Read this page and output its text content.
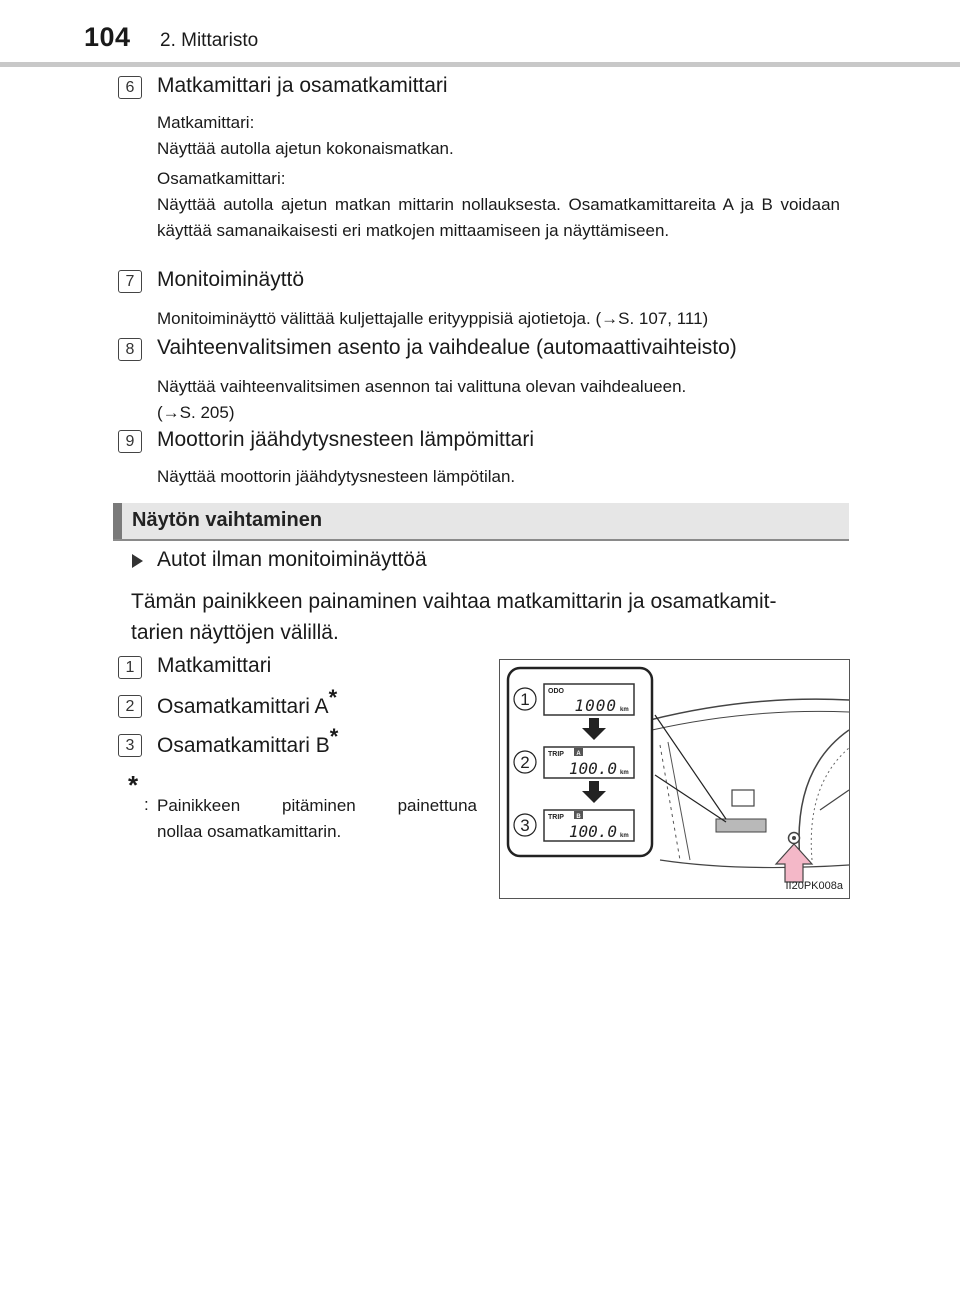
104 2. Mittaristo
6	Matkamittari ja osamatkamittari
Matkamittari:
Näyttää autolla ajetun kokonaismatkan.
Osamatkamittari:
Näyttää autolla ajetun matkan mittarin nollauksesta. Osamatkamittareita A ja B voidaan käyttää samanaikaisesti eri matkojen mittaamiseen ja näyttämiseen.
7	Monitoiminäyttö
Monitoiminäyttö välittää kuljettajalle erityyppisiä ajotietoja. (→S. 107, 111)
8	Vaihteenvalitsimen asento ja vaihdealue (automaattivaihteisto)
Näyttää vaihteenvalitsimen asennon tai valittuna olevan vaihdealueen.
(→S. 205)
9	Moottorin jäähdytysnesteen lämpömittari
Näyttää moottorin jäähdytysnesteen lämpötilan.
Näytön vaihtaminen
Autot ilman monitoiminäyttöä
Tämän painikkeen painaminen vaihtaa matkamittarin ja osamatkamit-
tarien näyttöjen välillä.
1	Matkamittari
2	Osamatkamittari A*
3	Osamatkamittari B*
*
: Painikkeen pitäminen painettuna
nollaa osamatkamittarin.
1
2
3
ODO
TRIP
TRIP
A
B
1000
100.0
100.0
km
km
km
II20PK008a
